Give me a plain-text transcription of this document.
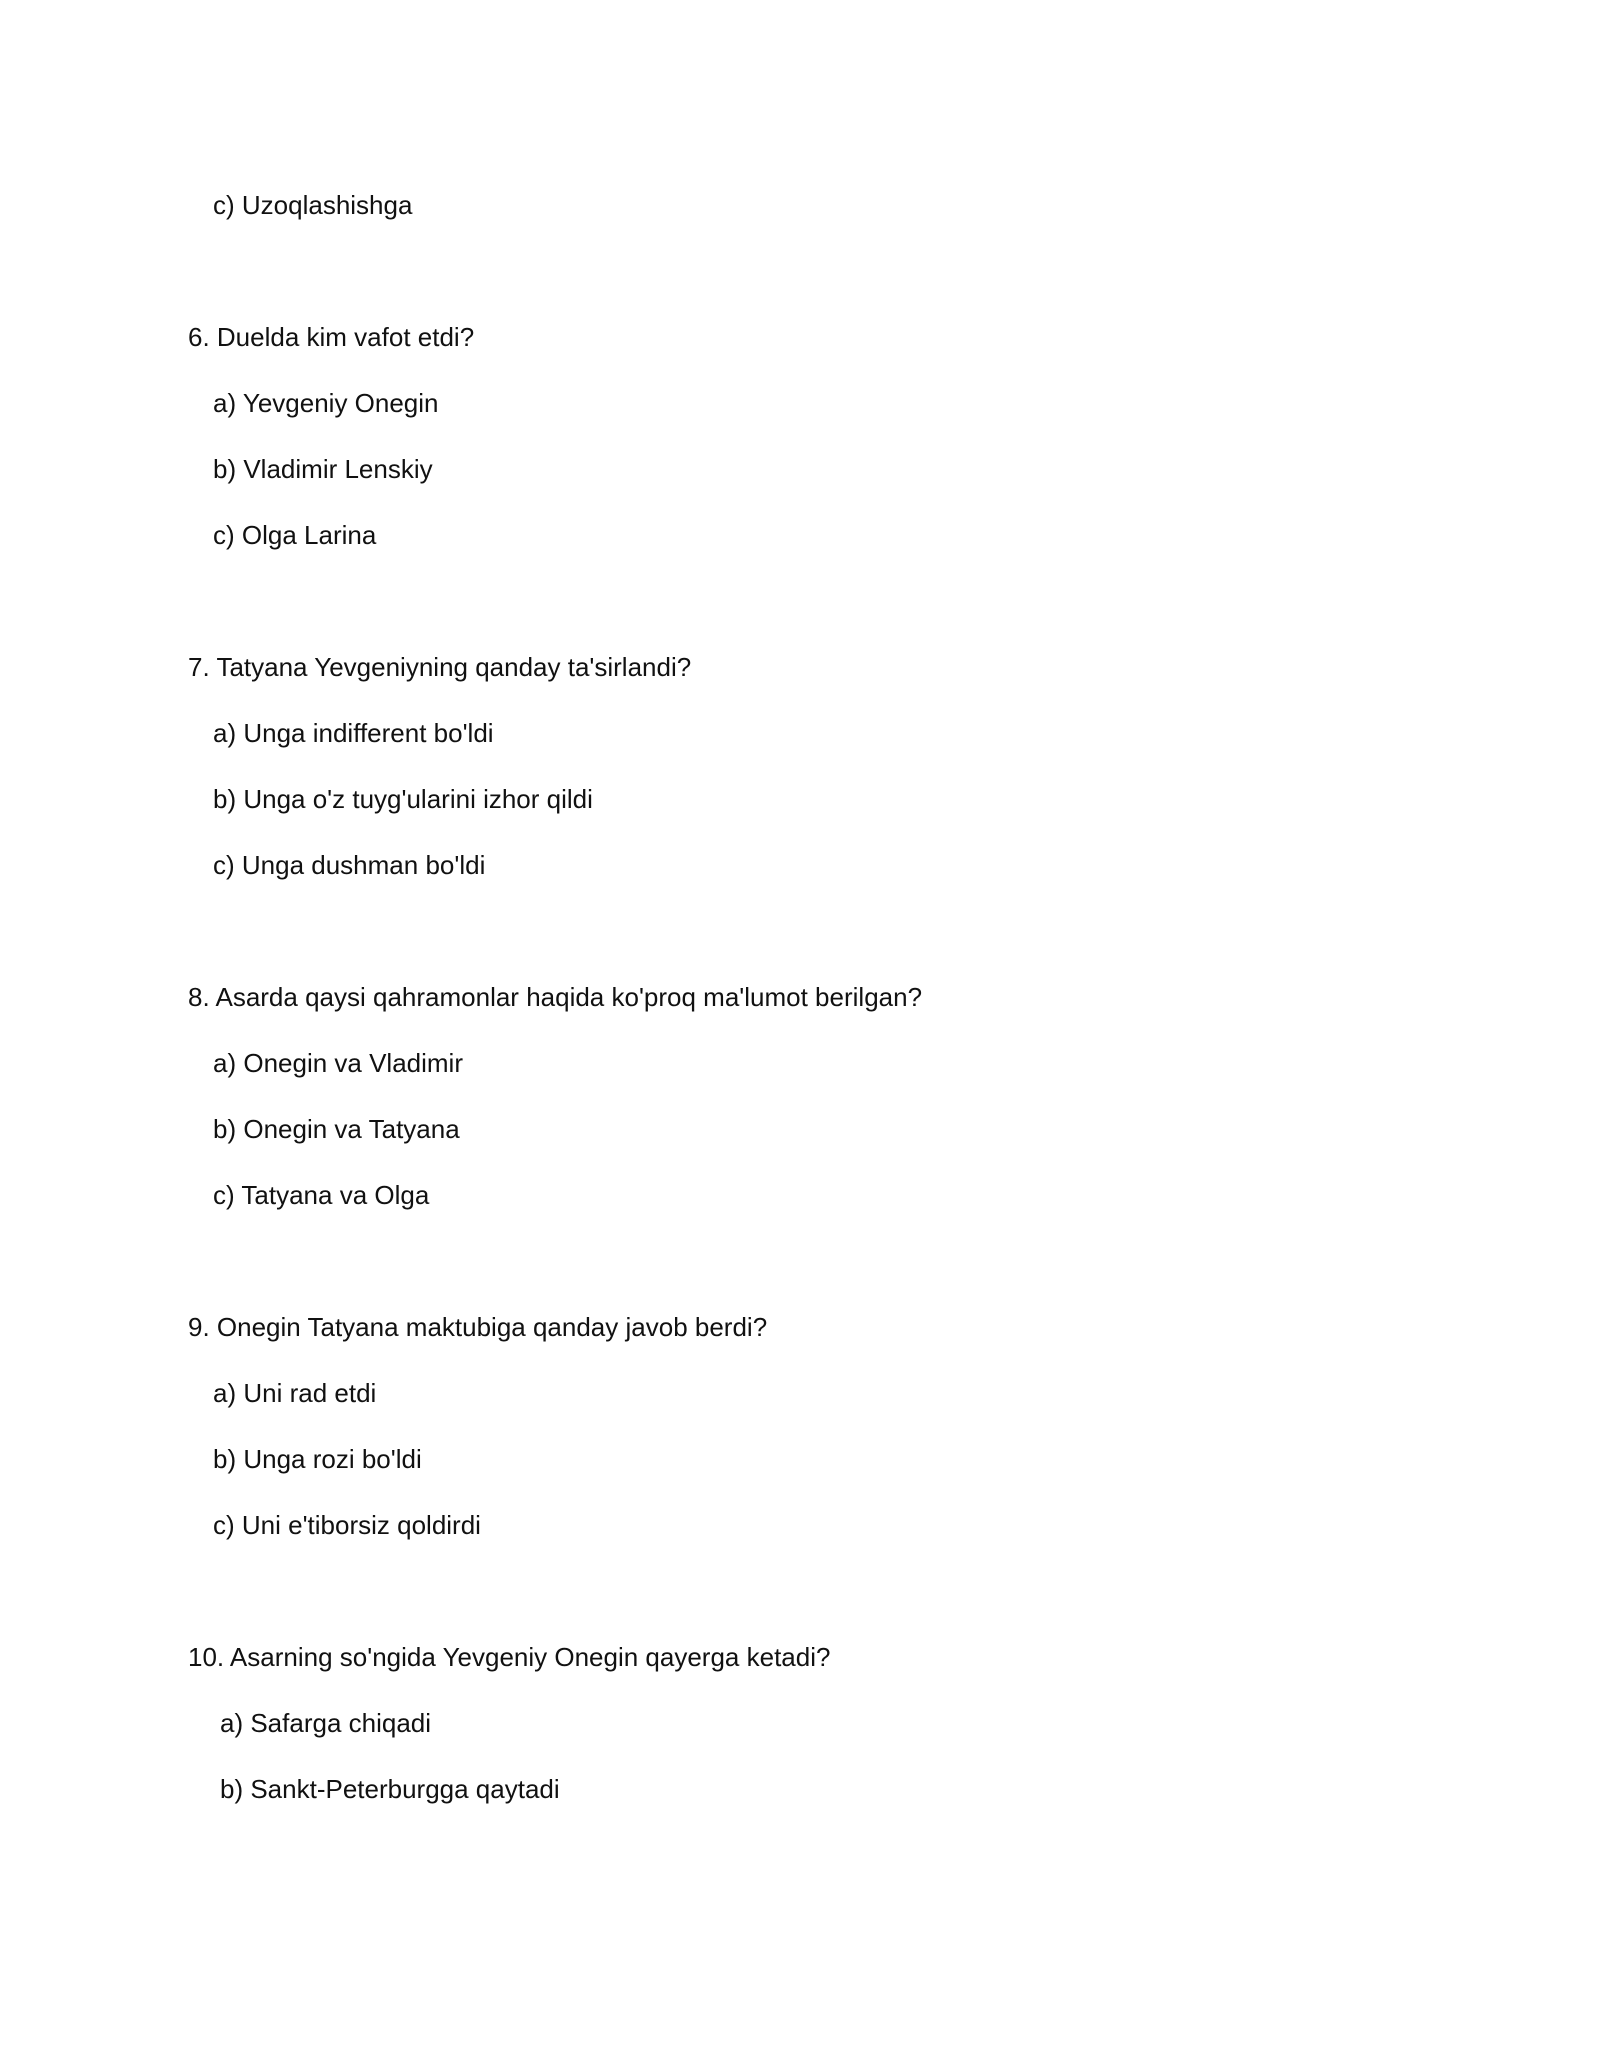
c) Uzoqlashishga
6. Duelda kim vafot etdi?
a) Yevgeniy Onegin
b) Vladimir Lenskiy
c) Olga Larina
7. Tatyana Yevgeniyning qanday ta'sirlandi?
a) Unga indifferent bo'ldi
b) Unga o'z tuyg'ularini izhor qildi
c) Unga dushman bo'ldi
8. Asarda qaysi qahramonlar haqida ko'proq ma'lumot berilgan?
a) Onegin va Vladimir
b) Onegin va Tatyana
c) Tatyana va Olga
9. Onegin Tatyana maktubiga qanday javob berdi?
a) Uni rad etdi
b) Unga rozi bo'ldi
c) Uni e'tiborsiz qoldirdi
10. Asarning so'ngida Yevgeniy Onegin qayerga ketadi?
a) Safarga chiqadi
b) Sankt-Peterburgga qaytadi
